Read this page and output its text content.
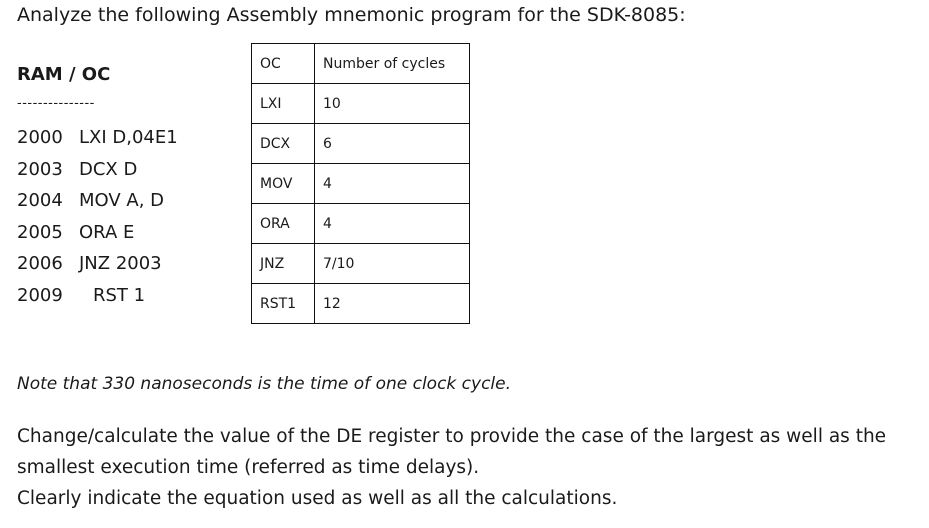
Analyze the following Assembly mnemonic program for the SDK-8085:
RAM / OC
---------------
2000 LXI D,04E1
2003 DCX D
2004 MOV A, D
2005 ORA E
2006 JNZ 2003
2009 RST 1
OC	Number of cycles
LXI	10
DCX	6
MOV	4
ORA	4
JNZ	7/10
RST1	12
Note that 330 nanoseconds is the time of one clock cycle.

Change/calculate the value of the DE register to provide the case of the largest as well as the smallest execution time (referred as time delays).

Clearly indicate the equation used as well as all the calculations.
